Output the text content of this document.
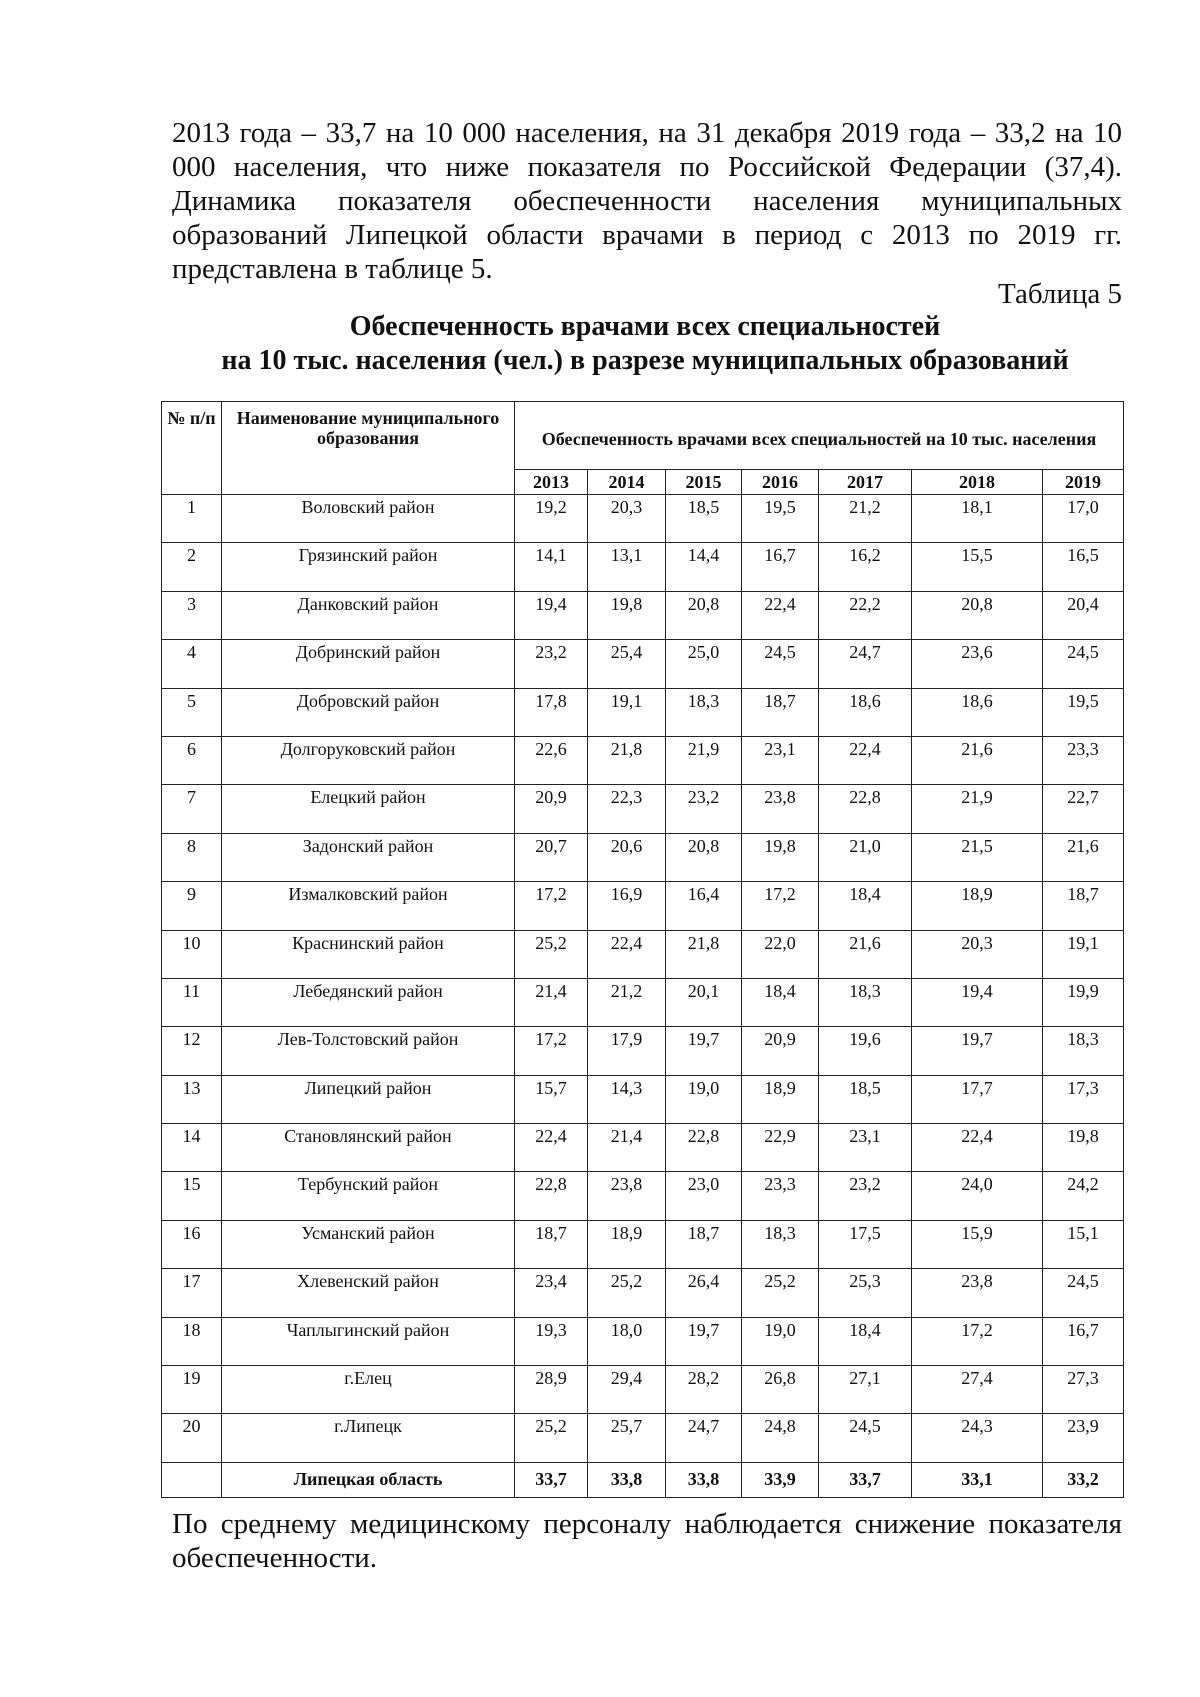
2013 года – 33,7 на 10 000 населения, на 31 декабря 2019 года – 33,2 на 10 000 населения, что ниже показателя по Российской Федерации (37,4). Динамика показателя обеспеченности населения муниципальных образований Липецкой области врачами в период с 2013 по 2019 гг. представлена в таблице 5.

Таблица 5
Обеспеченность врачами всех специальностей
на 10 тыс. населения (чел.) в разрезе муниципальных образований
№ п/п	Наименование муниципального образования	Обеспеченность врачами всех специальностей на 10 тыс. населения						
		2013	2014	2015	2016	2017	2018	2019
1	Воловский район	19,2	20,3	18,5	19,5	21,2	18,1	17,0
2	Грязинский район	14,1	13,1	14,4	16,7	16,2	15,5	16,5
3	Данковский район	19,4	19,8	20,8	22,4	22,2	20,8	20,4
4	Добринский район	23,2	25,4	25,0	24,5	24,7	23,6	24,5
5	Добровский район	17,8	19,1	18,3	18,7	18,6	18,6	19,5
6	Долгоруковский район	22,6	21,8	21,9	23,1	22,4	21,6	23,3
7	Елецкий район	20,9	22,3	23,2	23,8	22,8	21,9	22,7
8	Задонский район	20,7	20,6	20,8	19,8	21,0	21,5	21,6
9	Измалковский район	17,2	16,9	16,4	17,2	18,4	18,9	18,7
10	Краснинский район	25,2	22,4	21,8	22,0	21,6	20,3	19,1
11	Лебедянский район	21,4	21,2	20,1	18,4	18,3	19,4	19,9
12	Лев-Толстовский район	17,2	17,9	19,7	20,9	19,6	19,7	18,3
13	Липецкий район	15,7	14,3	19,0	18,9	18,5	17,7	17,3
14	Становлянский район	22,4	21,4	22,8	22,9	23,1	22,4	19,8
15	Тербунский район	22,8	23,8	23,0	23,3	23,2	24,0	24,2
16	Усманский район	18,7	18,9	18,7	18,3	17,5	15,9	15,1
17	Хлевенский район	23,4	25,2	26,4	25,2	25,3	23,8	24,5
18	Чаплыгинский район	19,3	18,0	19,7	19,0	18,4	17,2	16,7
19	г.Елец	28,9	29,4	28,2	26,8	27,1	27,4	27,3
20	г.Липецк	25,2	25,7	24,7	24,8	24,5	24,3	23,9
	Липецкая область	33,7	33,8	33,8	33,9	33,7	33,1	33,2

По среднему медицинскому персоналу наблюдается снижение показателя обеспеченности.
